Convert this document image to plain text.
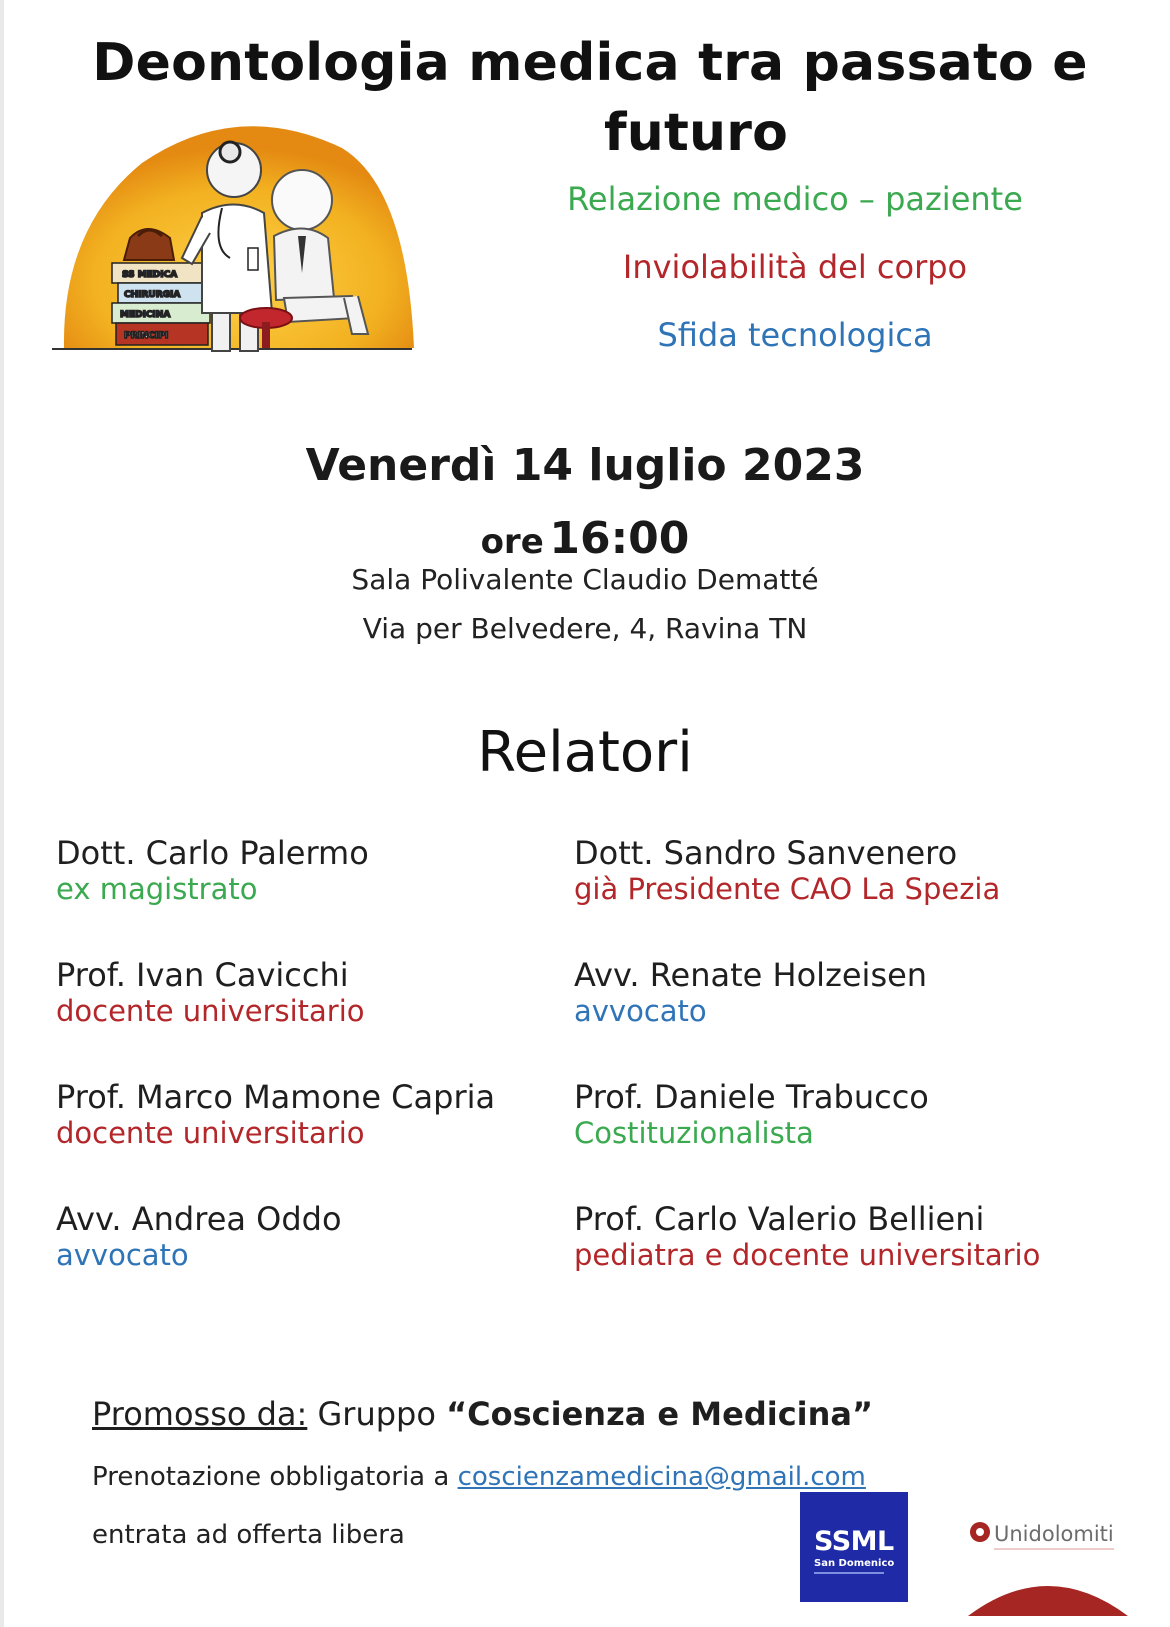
Deontologia medica tra passato e
futuro
SS MEDICA
CHIRURGIA
MEDICINA
PRINCIPI
Relazione medico – paziente
Inviolabilità del corpo
Sfida tecnologica
Venerdì 14 luglio 2023
ore 16:00
Sala Polivalente Claudio Dematté
Via per Belvedere, 4, Ravina TN
Relatori
Dott. Carlo Palermo
ex magistrato
Dott. Sandro Sanvenero
già Presidente CAO La Spezia
Prof. Ivan Cavicchi
docente universitario
Avv. Renate Holzeisen
avvocato
Prof. Marco Mamone Capria
docente universitario
Prof. Daniele Trabucco
Costituzionalista
Avv. Andrea Oddo
avvocato
Prof. Carlo Valerio Bellieni
pediatra e docente universitario
Promosso da: Gruppo “Coscienza e Medicina”
Prenotazione obbligatoria a coscienzamedicina@gmail.com
entrata ad offerta libera	SSML
San Domenico
Unidolomiti
